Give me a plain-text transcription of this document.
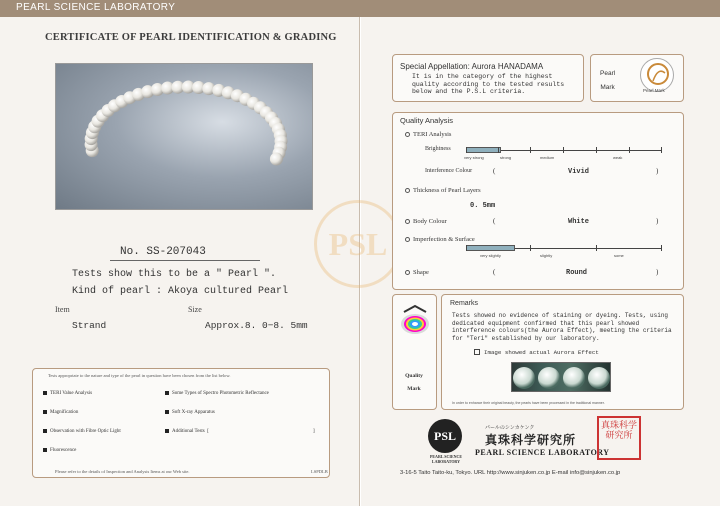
PEARL SCIENCE LABORATORY
CERTIFICATE OF PEARL IDENTIFICATION & GRADING
PSL
No. SS-207043
Tests show this to be a " Pearl ".
Kind of pearl : Akoya cultured Pearl
Item	Size
Strand	Approx.8. 0−8. 5mm
Tests appropriate to the nature and type of the pearl in question have been chosen from the list below.
TERI Value Analysis	Some Types of Spectro Photometric Reflectance
Magnification	Soft X-ray Apparatus
Observation with Fibre Optic Light	Additional Tests [	]
Fluorescence
Please refer to the details of Inspection and Analysis Items at our Web site.	LSPDLB
Special Appellation: Aurora HANADAMA
It is in the category of the highest quality according to the tested results below and the P.S.L criteria.
Pearl
Mark	Pearl Mark
Quality Analysis
TERI Analysis
Brightness
very strong	strong	medium	weak
Interference Colour	(	Vivid	)
Thickness of Pearl Layers
0. 5mm
Body Colour	(	White	)
Imperfection & Surface
very slightly	slightly	some
Shape	(	Round	)
Quality
Mark
Remarks
Tests showed no evidence of staining or dyeing. Tests, using dedicated equipment confirmed that this pearl showed interference colours(the Aurora Effect), meeting the criteria for "Teri" established by our laboratory.
Image showed actual Aurora Effect
In order to enhance their original beauty, the pearls have been processed in the traditional manner.
PSL
PEARL SCIENCE LABORATORY
パールのシンカケンク
真珠科学研究所
PEARL SCIENCE LABORATORY
真珠科学研究所
3-16-5 Taito Taito-ku, Tokyo. URL http://www.sinjuken.co.jp E-mail info@sinjuken.co.jp
